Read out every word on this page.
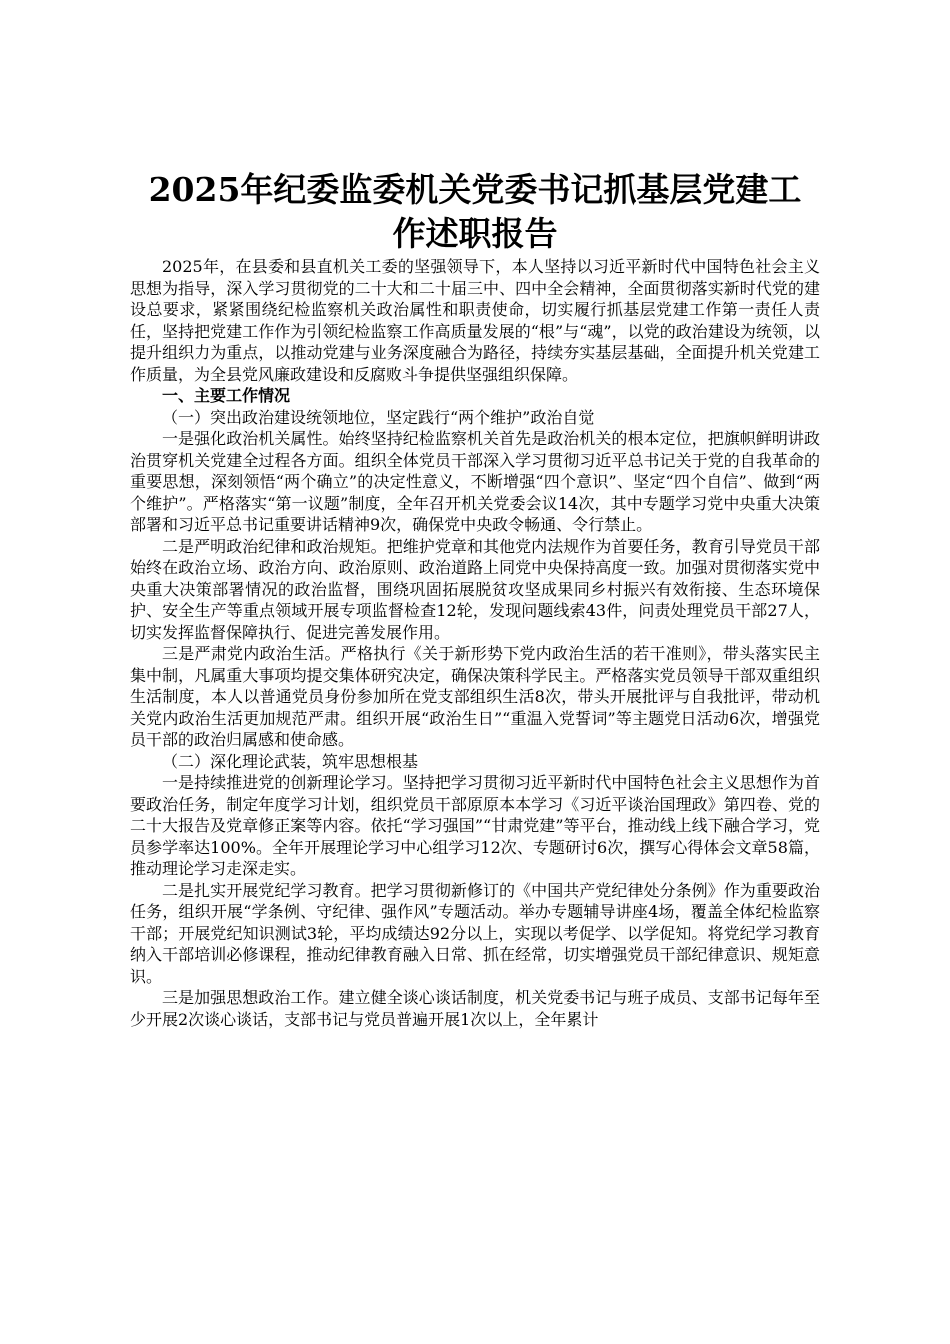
2025年纪委监委机关党委书记抓基层党建工
作述职报告

2025年，在县委和县直机关工委的坚强领导下，本人坚持以习近平新时代中国特色社会主义思想为指导，深入学习贯彻党的二十大和二十届三中、四中全会精神，全面贯彻落实新时代党的建设总要求，紧紧围绕纪检监察机关政治属性和职责使命，切实履行抓基层党建工作第一责任人责任，坚持把党建工作作为引领纪检监察工作高质量发展的“根”与“魂”，以党的政治建设为统领，以提升组织力为重点，以推动党建与业务深度融合为路径，持续夯实基层基础，全面提升机关党建工作质量，为全县党风廉政建设和反腐败斗争提供坚强组织保障。

一、主要工作情况

（一）突出政治建设统领地位，坚定践行“两个维护”政治自觉

一是强化政治机关属性。始终坚持纪检监察机关首先是政治机关的根本定位，把旗帜鲜明讲政治贯穿机关党建全过程各方面。组织全体党员干部深入学习贯彻习近平总书记关于党的自我革命的重要思想，深刻领悟“两个确立”的决定性意义，不断增强“四个意识”、坚定“四个自信”、做到“两个维护”。严格落实“第一议题”制度，全年召开机关党委会议14次，其中专题学习党中央重大决策部署和习近平总书记重要讲话精神9次，确保党中央政令畅通、令行禁止。

二是严明政治纪律和政治规矩。把维护党章和其他党内法规作为首要任务，教育引导党员干部始终在政治立场、政治方向、政治原则、政治道路上同党中央保持高度一致。加强对贯彻落实党中央重大决策部署情况的政治监督，围绕巩固拓展脱贫攻坚成果同乡村振兴有效衔接、生态环境保护、安全生产等重点领域开展专项监督检查12轮，发现问题线索43件，问责处理党员干部27人，切实发挥监督保障执行、促进完善发展作用。

三是严肃党内政治生活。严格执行《关于新形势下党内政治生活的若干准则》，带头落实民主集中制，凡属重大事项均提交集体研究决定，确保决策科学民主。严格落实党员领导干部双重组织生活制度，本人以普通党员身份参加所在党支部组织生活8次，带头开展批评与自我批评，带动机关党内政治生活更加规范严肃。组织开展“政治生日”“重温入党誓词”等主题党日活动6次，增强党员干部的政治归属感和使命感。

（二）深化理论武装，筑牢思想根基

一是持续推进党的创新理论学习。坚持把学习贯彻习近平新时代中国特色社会主义思想作为首要政治任务，制定年度学习计划，组织党员干部原原本本学习《习近平谈治国理政》第四卷、党的二十大报告及党章修正案等内容。依托“学习强国”“甘肃党建”等平台，推动线上线下融合学习，党员参学率达100%。全年开展理论学习中心组学习12次、专题研讨6次，撰写心得体会文章58篇，推动理论学习走深走实。

二是扎实开展党纪学习教育。把学习贯彻新修订的《中国共产党纪律处分条例》作为重要政治任务，组织开展“学条例、守纪律、强作风”专题活动。举办专题辅导讲座4场，覆盖全体纪检监察干部；开展党纪知识测试3轮，平均成绩达92分以上，实现以考促学、以学促知。将党纪学习教育纳入干部培训必修课程，推动纪律教育融入日常、抓在经常，切实增强党员干部纪律意识、规矩意识。

三是加强思想政治工作。建立健全谈心谈话制度，机关党委书记与班子成员、支部书记每年至少开展2次谈心谈话，支部书记与党员普遍开展1次以上，全年累计
